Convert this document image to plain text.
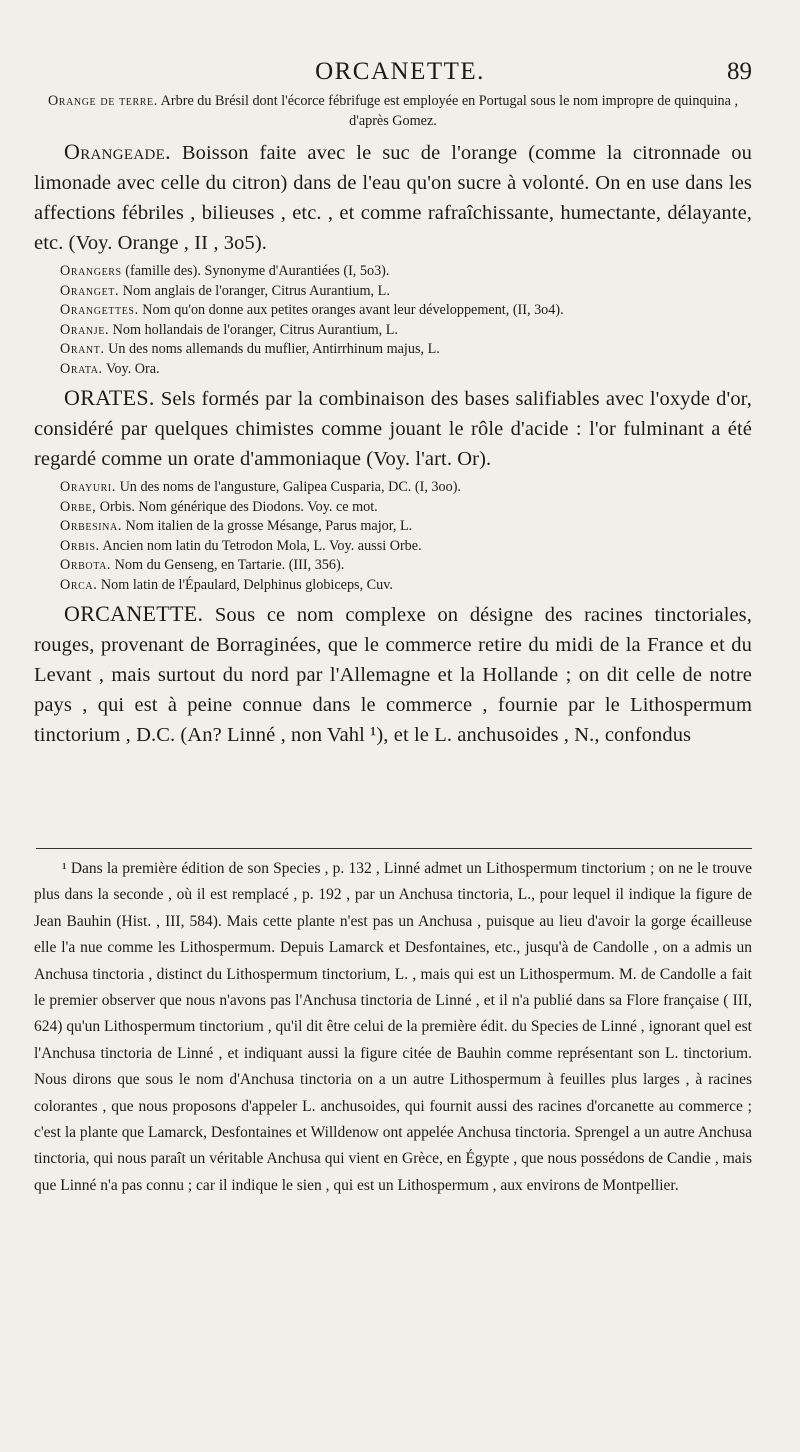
ORCANETTE.	89

Orange de terre. Arbre du Brésil dont l'écorce fébrifuge est employée en Portugal sous le nom impropre de quinquina , d'après Gomez.

Orangeade. Boisson faite avec le suc de l'orange (comme la citronnade ou limonade avec celle du citron) dans de l'eau qu'on sucre à volonté. On en use dans les affections fébriles , bilieuses , etc. , et comme rafraîchissante, humectante, délayante, etc. (Voy. Orange , II , 3o5).

Orangers (famille des). Synonyme d'Aurantiées (I, 5o3).

Oranget. Nom anglais de l'oranger, Citrus Aurantium, L.

Orangettes. Nom qu'on donne aux petites oranges avant leur développement, (II, 3o4).

Oranje. Nom hollandais de l'oranger, Citrus Aurantium, L.

Orant. Un des noms allemands du muflier, Antirrhinum majus, L.

Orata. Voy. Ora.

ORATES. Sels formés par la combinaison des bases salifiables avec l'oxyde d'or, considéré par quelques chimistes comme jouant le rôle d'acide : l'or fulminant a été regardé comme un orate d'ammoniaque (Voy. l'art. Or).

Orayuri. Un des noms de l'angusture, Galipea Cusparia, DC. (I, 3oo).

Orbe, Orbis. Nom générique des Diodons. Voy. ce mot.

Orbesina. Nom italien de la grosse Mésange, Parus major, L.

Orbis. Ancien nom latin du Tetrodon Mola, L. Voy. aussi Orbe.

Orbota. Nom du Genseng, en Tartarie. (III, 356).

Orca. Nom latin de l'Épaulard, Delphinus globiceps, Cuv.

ORCANETTE. Sous ce nom complexe on désigne des racines tinctoriales, rouges, provenant de Borraginées, que le commerce retire du midi de la France et du Levant , mais surtout du nord par l'Allemagne et la Hollande ; on dit celle de notre pays , qui est à peine connue dans le commerce , fournie par le Lithospermum tinctorium , D.C. (An? Linné , non Vahl ¹), et le L. anchusoides , N., confondus

¹ Dans la première édition de son Species , p. 132 , Linné admet un Lithospermum tinctorium ; on ne le trouve plus dans la seconde , où il est remplacé , p. 192 , par un Anchusa tinctoria, L., pour lequel il indique la figure de Jean Bauhin (Hist. , III, 584). Mais cette plante n'est pas un Anchusa , puisque au lieu d'avoir la gorge écailleuse elle l'a nue comme les Lithospermum. Depuis Lamarck et Desfontaines, etc., jusqu'à de Candolle , on a admis un Anchusa tinctoria , distinct du Lithospermum tinctorium, L. , mais qui est un Lithospermum. M. de Candolle a fait le premier observer que nous n'avons pas l'Anchusa tinctoria de Linné , et il n'a publié dans sa Flore française ( III, 624) qu'un Lithospermum tinctorium , qu'il dit être celui de la première édit. du Species de Linné , ignorant quel est l'Anchusa tinctoria de Linné , et indiquant aussi la figure citée de Bauhin comme représentant son L. tinctorium. Nous dirons que sous le nom d'Anchusa tinctoria on a un autre Lithospermum à feuilles plus larges , à racines colorantes , que nous proposons d'appeler L. anchusoides, qui fournit aussi des racines d'orcanette au commerce ; c'est la plante que Lamarck, Desfontaines et Willdenow ont appelée Anchusa tinctoria. Sprengel a un autre Anchusa tinctoria, qui nous paraît un véritable Anchusa qui vient en Grèce, en Égypte , que nous possédons de Candie , mais que Linné n'a pas connu ; car il indique le sien , qui est un Lithospermum , aux environs de Montpellier.
